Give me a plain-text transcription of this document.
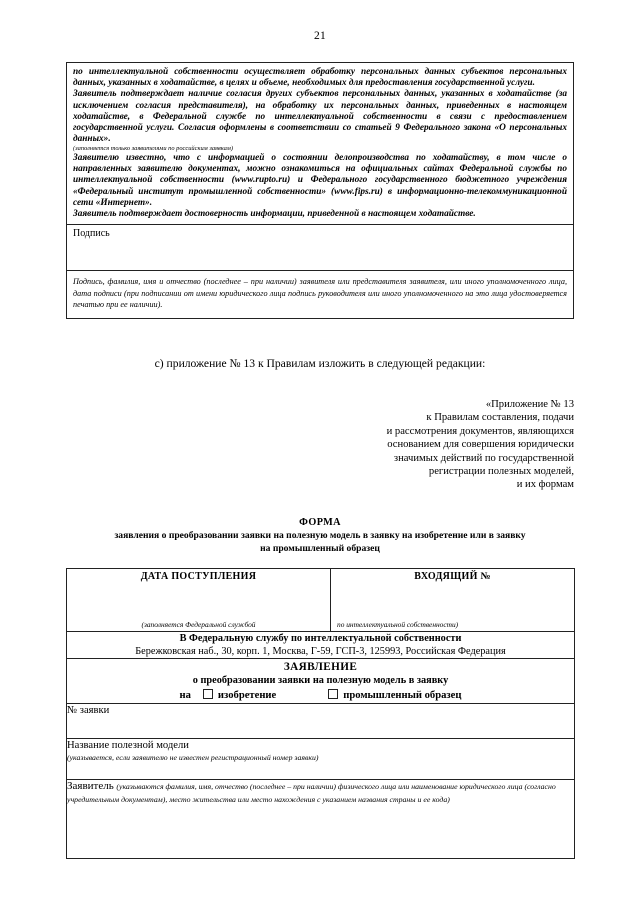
21

по интеллектуальной собственности осуществляет обработку персональных данных субъектов персональных данных, указанных в ходатайстве, в целях и объеме, необходимых для предоставления государственной услуги.

Заявитель подтверждает наличие согласия других субъектов персональных данных, указанных в ходатайстве (за исключением согласия представителя), на обработку их персональных данных, приведенных в настоящем ходатайстве, в Федеральной службе по интеллектуальной собственности в связи с предоставлением государственной услуги. Согласия оформлены в соответствии со статьей 9 Федерального закона «О персональных данных».

(заполняется только заявителями по российским заявкам)

Заявителю известно, что с информацией о состоянии делопроизводства по ходатайству, в том числе о направленных заявителю документах, можно ознакомиться на официальных сайтах Федеральной службы по интеллектуальной собственности (www.rupto.ru) и Федерального государственного бюджетного учреждения «Федеральный институт промышленной собственности» (www.fips.ru) в информационно-телекоммуникационной сети «Интернет».

Заявитель подтверждает достоверность информации, приведенной в настоящем ходатайстве.

Подпись

Подпись, фамилия, имя и отчество (последнее – при наличии) заявителя или представителя заявителя, или иного уполномоченного лица, дата подписи (при подписании от имени юридического лица подпись руководителя или иного уполномоченного на это лица удостоверяется печатью при ее наличии).

с) приложение № 13 к Правилам изложить в следующей редакции:
«Приложение № 13
к Правилам составления, подачи
и рассмотрения документов, являющихся
основанием для совершения юридически
значимых действий по государственной
регистрации полезных моделей,
и их формам
ФОРМА
заявления о преобразовании заявки на полезную модель в заявку на изобретение или в заявку
на промышленный образец

ДАТА ПОСТУПЛЕНИЯ

(заполняется Федеральной службой

ВХОДЯЩИЙ №

по интеллектуальной собственности)

В Федеральную службу по интеллектуальной собственности

Бережковская наб., 30, корп. 1, Москва, Г-59, ГСП-3, 125993, Российская Федерация

ЗАЯВЛЕНИЕ

о преобразовании заявки на полезную модель в заявку

на	изобретение	промышленный образец

№ заявки

Название полезной модели

(указывается, если заявителю не известен регистрационный номер заявки)

Заявитель (указываются фамилия, имя, отчество (последнее – при наличии) физического лица или наименование юридического лица (согласно учредительным документам), место жительства или место нахождения с указанием названия страны и ее кода)
